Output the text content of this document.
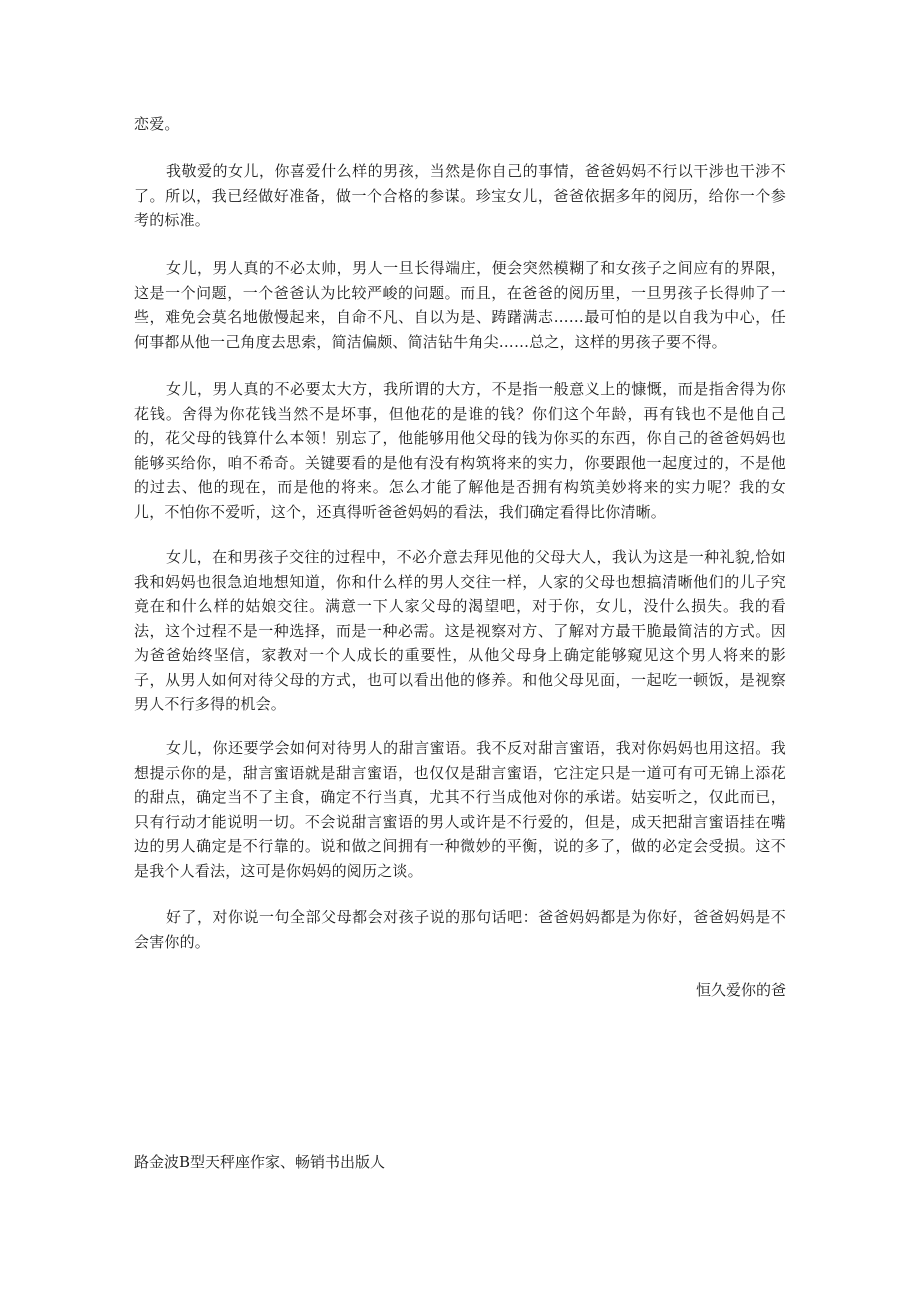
恋爱。
我敬爱的女儿，你喜爱什么样的男孩，当然是你自己的事情，爸爸妈妈不行以干涉也干涉不了。所以，我已经做好准备，做一个合格的参谋。珍宝女儿，爸爸依据多年的阅历，给你一个参考的标准。
女儿，男人真的不必太帅，男人一旦长得端庄，便会突然模糊了和女孩子之间应有的界限，这是一个问题，一个爸爸认为比较严峻的问题。而且，在爸爸的阅历里，一旦男孩子长得帅了一些，难免会莫名地傲慢起来，自命不凡、自以为是、踌躇满志……最可怕的是以自我为中心，任何事都从他一己角度去思索，简洁偏颇、简洁钻牛角尖……总之，这样的男孩子要不得。
女儿，男人真的不必要太大方，我所谓的大方，不是指一般意义上的慷慨，而是指舍得为你花钱。舍得为你花钱当然不是坏事，但他花的是谁的钱？你们这个年龄，再有钱也不是他自己的，花父母的钱算什么本领！别忘了，他能够用他父母的钱为你买的东西，你自己的爸爸妈妈也能够买给你，咱不希奇。关键要看的是他有没有构筑将来的实力，你要跟他一起度过的，不是他的过去、他的现在，而是他的将来。怎么才能了解他是否拥有构筑美妙将来的实力呢？我的女儿，不怕你不爱听，这个，还真得听爸爸妈妈的看法，我们确定看得比你清晰。
女儿，在和男孩子交往的过程中，不必介意去拜见他的父母大人，我认为这是一种礼貌,恰如我和妈妈也很急迫地想知道，你和什么样的男人交往一样，人家的父母也想搞清晰他们的儿子究竟在和什么样的姑娘交往。满意一下人家父母的渴望吧，对于你，女儿，没什么损失。我的看法，这个过程不是一种选择，而是一种必需。这是视察对方、了解对方最干脆最简洁的方式。因为爸爸始终坚信，家教对一个人成长的重要性，从他父母身上确定能够窥见这个男人将来的影子，从男人如何对待父母的方式，也可以看出他的修养。和他父母见面，一起吃一顿饭，是视察男人不行多得的机会。
女儿，你还要学会如何对待男人的甜言蜜语。我不反对甜言蜜语，我对你妈妈也用这招。我想提示你的是，甜言蜜语就是甜言蜜语，也仅仅是甜言蜜语，它注定只是一道可有可无锦上添花的甜点，确定当不了主食，确定不行当真，尤其不行当成他对你的承诺。姑妄听之，仅此而已，只有行动才能说明一切。不会说甜言蜜语的男人或许是不行爱的，但是，成天把甜言蜜语挂在嘴边的男人确定是不行靠的。说和做之间拥有一种微妙的平衡，说的多了，做的必定会受损。这不是我个人看法，这可是你妈妈的阅历之谈。
好了，对你说一句全部父母都会对孩子说的那句话吧：爸爸妈妈都是为你好，爸爸妈妈是不会害你的。
恒久爱你的爸
路金波B型天秤座作家、畅销书出版人
